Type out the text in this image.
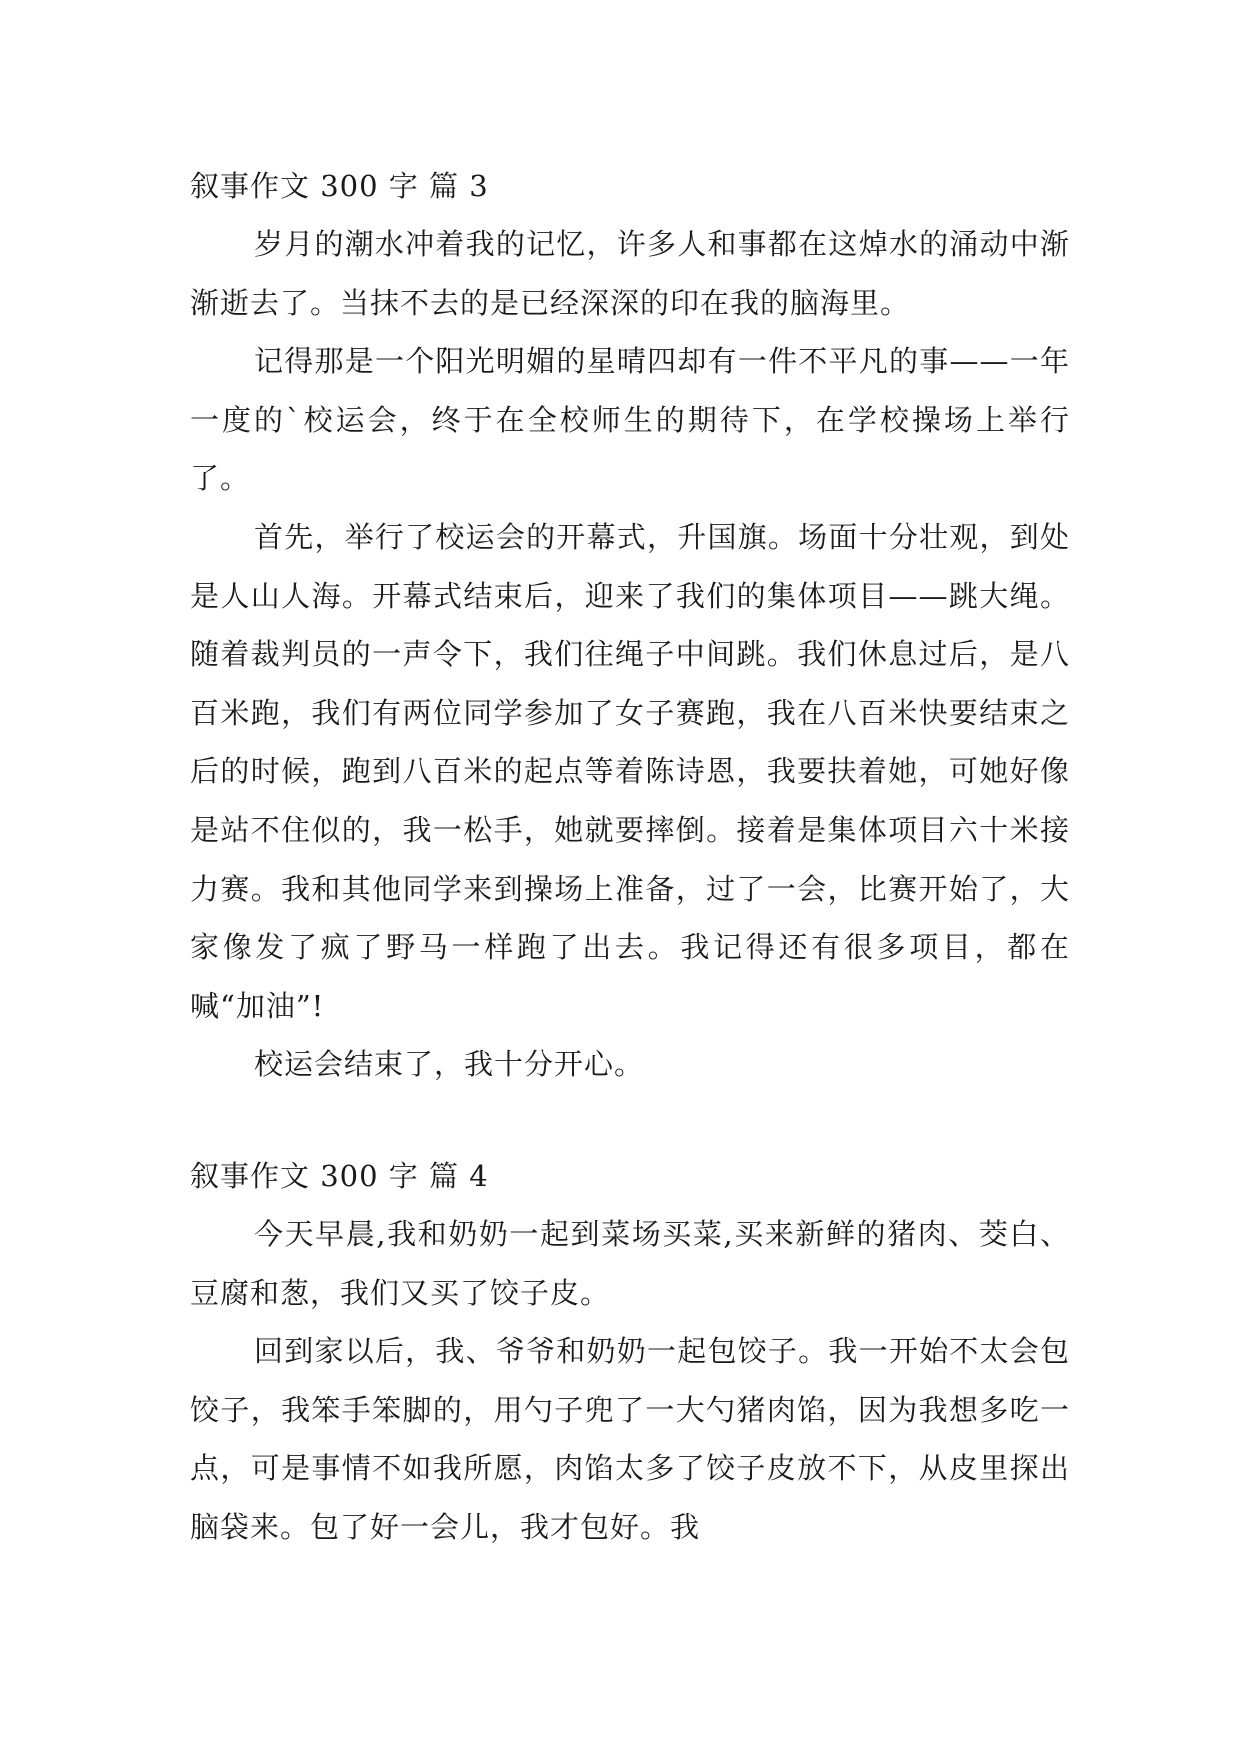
叙事作文 300 字 篇 3

岁月的潮水冲着我的记忆，许多人和事都在这焯水的涌动中渐渐逝去了。当抹不去的是已经深深的印在我的脑海里。

记得那是一个阳光明媚的星晴四却有一件不平凡的事——一年一度的`校运会，终于在全校师生的期待下，在学校操场上举行了。

首先，举行了校运会的开幕式，升国旗。场面十分壮观，到处是人山人海。开幕式结束后，迎来了我们的集体项目——跳大绳。随着裁判员的一声令下，我们往绳子中间跳。我们休息过后，是八百米跑，我们有两位同学参加了女子赛跑，我在八百米快要结束之后的时候，跑到八百米的起点等着陈诗恩，我要扶着她，可她好像是站不住似的，我一松手，她就要摔倒。接着是集体项目六十米接力赛。我和其他同学来到操场上准备，过了一会，比赛开始了，大家像发了疯了野马一样跑了出去。我记得还有很多项目，都在喊“加油”!

校运会结束了，我十分开心。

叙事作文 300 字 篇 4

今天早晨,我和奶奶一起到菜场买菜,买来新鲜的猪肉、茭白、豆腐和葱，我们又买了饺子皮。

回到家以后，我、爷爷和奶奶一起包饺子。我一开始不太会包饺子，我笨手笨脚的，用勺子兜了一大勺猪肉馅，因为我想多吃一点，可是事情不如我所愿，肉馅太多了饺子皮放不下，从皮里探出脑袋来。包了好一会儿，我才包好。我
